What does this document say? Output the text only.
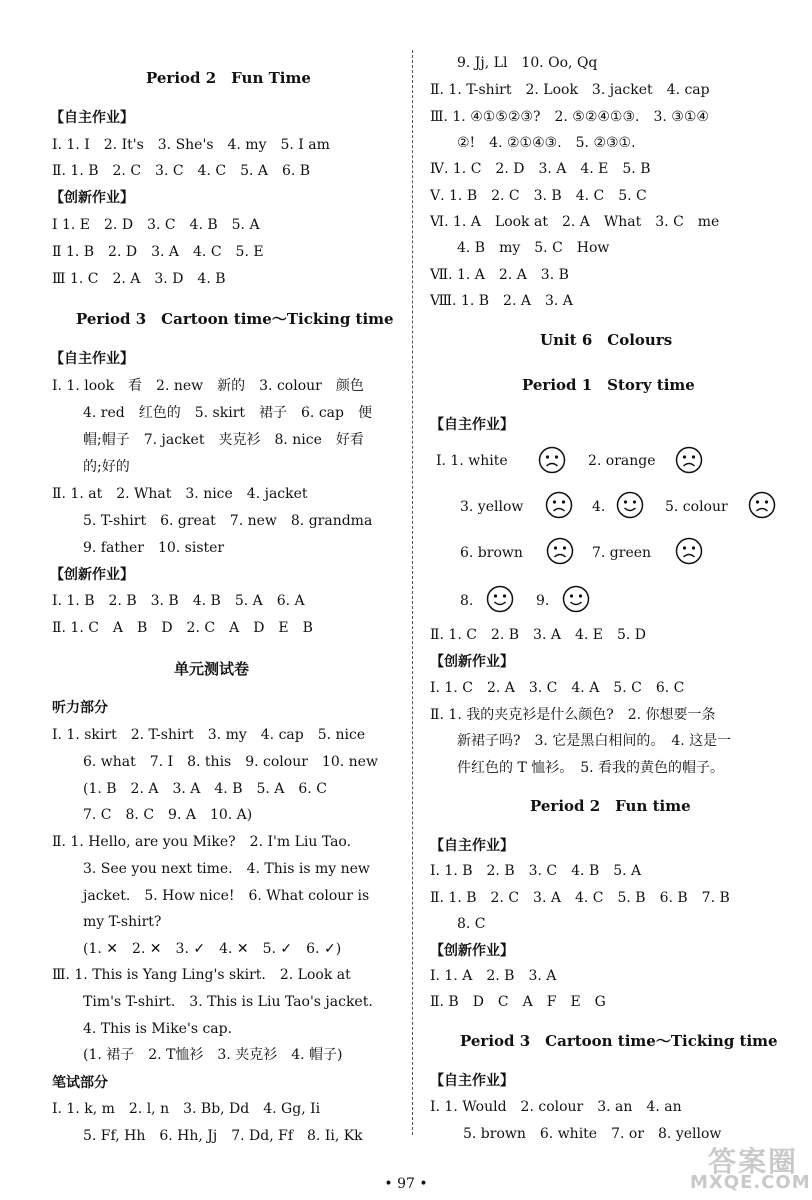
Period 2　Fun Time
【自主作业】
Ⅰ. 1. I　2. It's　3. She's　4. my　5. I am
Ⅱ. 1. B　2. C　3. C　4. C　5. A　6. B
【创新作业】
Ⅰ 1. E　2. D　3. C　4. B　5. A
Ⅱ 1. B　2. D　3. A　4. C　5. E
Ⅲ 1. C　2. A　3. D　4. B
Period 3　Cartoon time～Ticking time
【自主作业】
Ⅰ. 1. look　看　2. new　新的　3. colour　颜色
4. red　红色的　5. skirt　裙子　6. cap　便
帽;帽子　7. jacket　夹克衫　8. nice　好看
的;好的
Ⅱ. 1. at　2. What　3. nice　4. jacket
5. T-shirt　6. great　7. new　8. grandma
9. father　10. sister
【创新作业】
Ⅰ. 1. B　2. B　3. B　4. B　5. A　6. A
Ⅱ. 1. C　A　B　D　2. C　A　D　E　B
单元测试卷
听力部分
Ⅰ. 1. skirt　2. T-shirt　3. my　4. cap　5. nice
6. what　7. I　8. this　9. colour　10. new
(1. B　2. A　3. A　4. B　5. A　6. C
7. C　8. C　9. A　10. A)
Ⅱ. 1. Hello, are you Mike?　2. I'm Liu Tao.
3. See you next time.　4. This is my new
jacket.　5. How nice!　6. What colour is
my T-shirt?
(1. ✕　2. ✕　3. ✓　4. ✕　5. ✓　6. ✓)
Ⅲ. 1. This is Yang Ling's skirt.　2. Look at
Tim's T-shirt.　3. This is Liu Tao's jacket.
4. This is Mike's cap.
(1. 裙子　2. T恤衫　3. 夹克衫　4. 帽子)
笔试部分
Ⅰ. 1. k, m　2. l, n　3. Bb, Dd　4. Gg, Ii
5. Ff, Hh　6. Hh, Jj　7. Dd, Ff　8. Ii, Kk
9. Jj, Ll　10. Oo, Qq
Ⅱ. 1. T-shirt　2. Look　3. jacket　4. cap
Ⅲ. 1. ④①⑤②③?　2. ⑤②④①③.　3. ③①④
②!　4. ②①④③.　5. ②③①.
Ⅳ. 1. C　2. D　3. A　4. E　5. B
Ⅴ. 1. B　2. C　3. B　4. C　5. C
Ⅵ. 1. A　Look at　2. A　What　3. C　me
4. B　my　5. C　How
Ⅶ. 1. A　2. A　3. B
Ⅷ. 1. B　2. A　3. A
Unit 6　Colours
Period 1　Story time
【自主作业】
Ⅰ. 1. white	2. orange
3. yellow	4.	5. colour
6. brown	7. green
8.	9.
Ⅱ. 1. C　2. B　3. A　4. E　5. D
【创新作业】
Ⅰ. 1. C　2. A　3. C　4. A　5. C　6. C
Ⅱ. 1. 我的夹克衫是什么颜色?　2. 你想要一条
新裙子吗?　3. 它是黑白相间的。　4. 这是一
件红色的 T 恤衫。　5. 看我的黄色的帽子。
Period 2　Fun time
【自主作业】
Ⅰ. 1. B　2. B　3. C　4. B　5. A
Ⅱ. 1. B　2. C　3. A　4. C　5. B　6. B　7. B
8. C
【创新作业】
Ⅰ. 1. A　2. B　3. A
Ⅱ. B　D　C　A　F　E　G
Period 3　Cartoon time～Ticking time
【自主作业】
Ⅰ. 1. Would　2. colour　3. an　4. an
5. brown　6. white　7. or　8. yellow
• 97 •
答案圈
MXQE.COM
